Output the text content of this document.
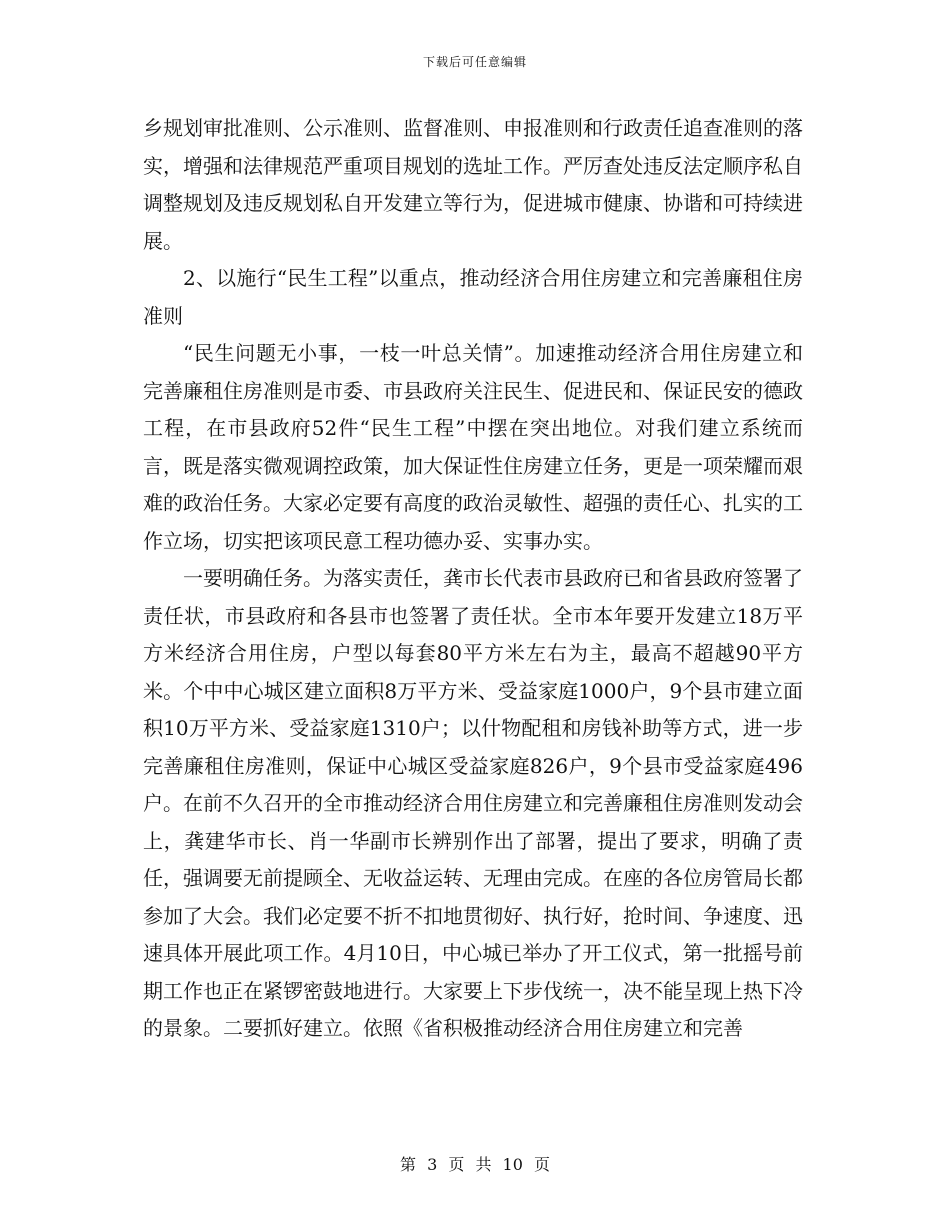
下载后可任意编辑

乡规划审批准则、公示准则、监督准则、申报准则和行政责任追查准则的落实，增强和法律规范严重项目规划的选址工作。严厉查处违反法定顺序私自调整规划及违反规划私自开发建立等行为，促进城市健康、协谐和可持续进展。

2、以施行“民生工程”以重点，推动经济合用住房建立和完善廉租住房准则

“民生问题无小事，一枝一叶总关情”。加速推动经济合用住房建立和完善廉租住房准则是市委、市县政府关注民生、促进民和、保证民安的德政工程，在市县政府52件“民生工程”中摆在突出地位。对我们建立系统而言，既是落实微观调控政策，加大保证性住房建立任务，更是一项荣耀而艰难的政治任务。大家必定要有高度的政治灵敏性、超强的责任心、扎实的工作立场，切实把该项民意工程功德办妥、实事办实。

一要明确任务。为落实责任，龚市长代表市县政府已和省县政府签署了责任状，市县政府和各县市也签署了责任状。全市本年要开发建立18万平方米经济合用住房，户型以每套80平方米左右为主，最高不超越90平方米。个中中心城区建立面积8万平方米、受益家庭1000户，9个县市建立面积10万平方米、受益家庭1310户；以什物配租和房钱补助等方式，进一步完善廉租住房准则，保证中心城区受益家庭826户，9个县市受益家庭496户。在前不久召开的全市推动经济合用住房建立和完善廉租住房准则发动会上，龚建华市长、肖一华副市长辨别作出了部署，提出了要求，明确了责任，强调要无前提顾全、无收益运转、无理由完成。在座的各位房管局长都参加了大会。我们必定要不折不扣地贯彻好、执行好，抢时间、争速度、迅速具体开展此项工作。4月10日，中心城已举办了开工仪式，第一批摇号前期工作也正在紧锣密鼓地进行。大家要上下步伐统一，决不能呈现上热下冷的景象。二要抓好建立。依照《省积极推动经济合用住房建立和完善

第 3 页 共 10 页
